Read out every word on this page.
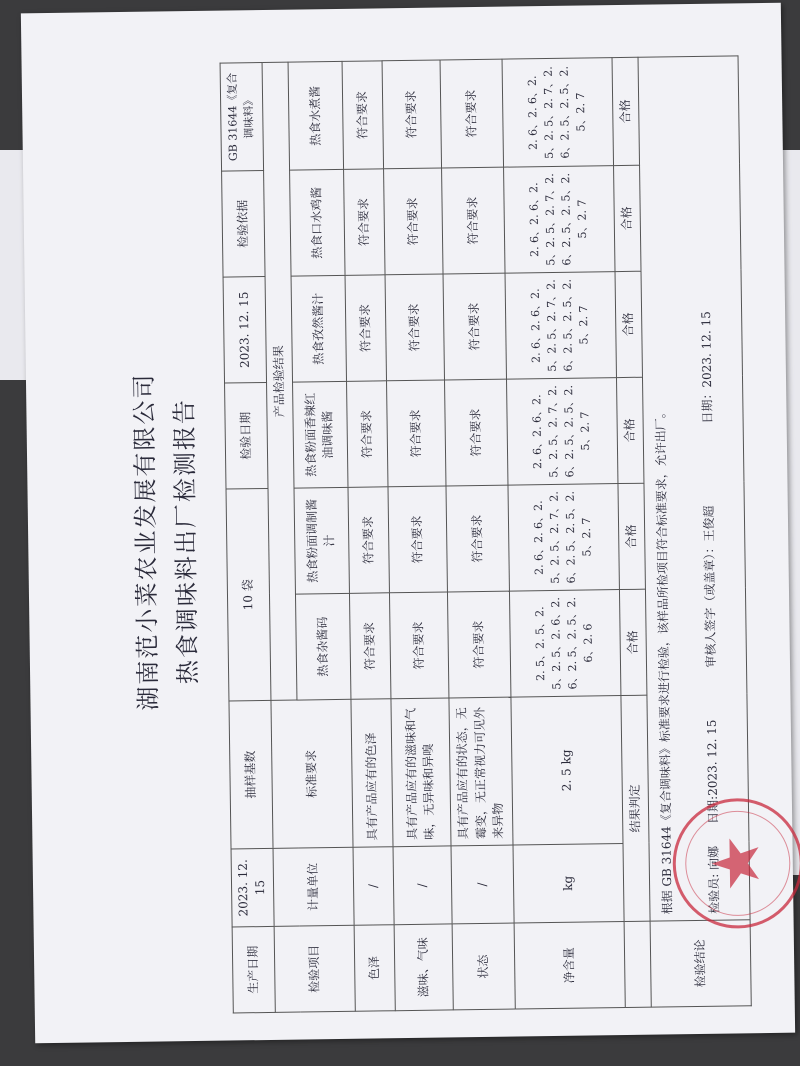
湖南范小菜农业发展有限公司 热食调味料出厂检测报告
生产日期	2023. 12. 15	抽样基数	10 袋		检验日期	2023. 12. 15	检验依据	GB 31644《复合调味料》
检验项目	计量单位	标准要求	产品检验结果					
			热食杂酱码	热食粉面调制酱汁	热食粉面香辣红油调味酱	热食孜然酱汁	热食口水鸡酱	热食水煮酱
色泽	/	具有产品应有的色泽	符合要求	符合要求	符合要求	符合要求	符合要求	符合要求
滋味、气味	/	具有产品应有的滋味和气味，无异味和异嗅	符合要求	符合要求	符合要求	符合要求	符合要求	符合要求
状态	/	具有产品应有的状态，无霉变，无正常视力可见外来异物	符合要求	符合要求	符合要求	符合要求	符合要求	符合要求
净含量	kg	2. 5 kg	2. 5、2. 5、2. 5、2. 5、2. 6、2. 6、2. 5、2. 5、2. 6、2. 6	2. 6、2. 6、2. 5、2. 5、2. 7、2. 6、2. 5、2. 5、2. 5、2. 7	2. 6、2. 6、2. 5、2. 5、2. 7、2. 6、2. 5、2. 5、2. 5、2. 7	2. 6、2. 6、2. 5、2. 5、2. 7、2. 6、2. 5、2. 5、2. 5、2. 7	2. 6、2. 6、2. 5、2. 5、2. 7、2. 6、2. 5、2. 5、2. 5、2. 7	2. 6、2. 6、2. 5、2. 5、2. 7、2. 6、2. 5、2. 5、2. 5、2. 7
	结果判定		合格	合格	合格	合格	合格	合格
检验结论	根据 GB 31644《复合调味料》标准要求进行检验，该样品所检项目符合标准要求，允许出厂。 检验员: 向娜
日期:2023. 12. 15
审核人签字（或盖章）：王俊超
日期：2023. 12. 15							
